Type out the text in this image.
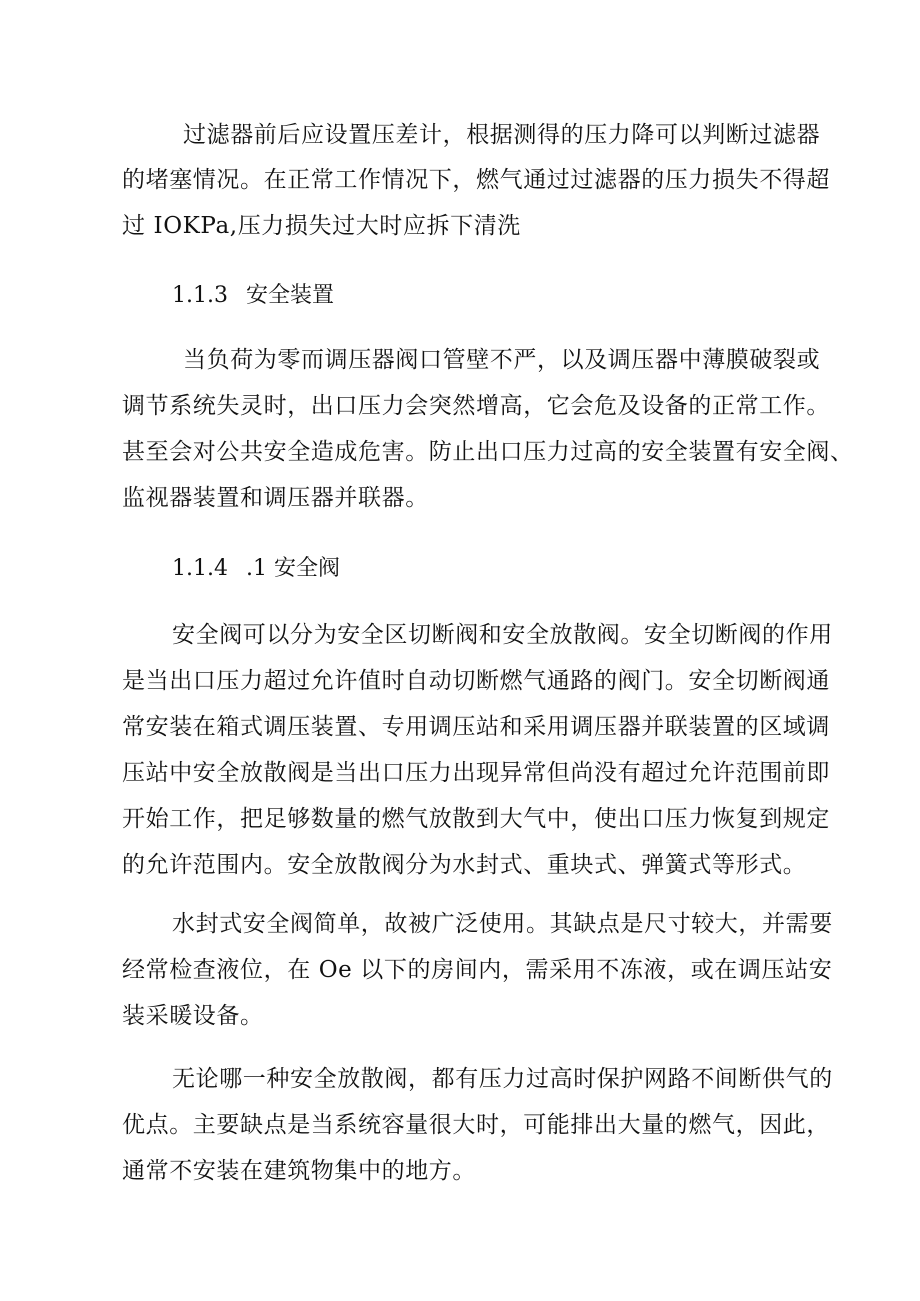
过滤器前后应设置压差计，根据测得的压力降可以判断过滤器
的堵塞情况。在正常工作情况下，燃气通过过滤器的压力损失不得超
过 IOKPa,压力损失过大时应拆下清洗
1.1.3 安全装置
当负荷为零而调压器阀口管壁不严，以及调压器中薄膜破裂或
调节系统失灵时，出口压力会突然增高，它会危及设备的正常工作。
甚至会对公共安全造成危害。防止出口压力过高的安全装置有安全阀、
监视器装置和调压器并联器。
1.1.4 .1 安全阀
安全阀可以分为安全区切断阀和安全放散阀。安全切断阀的作用
是当出口压力超过允许值时自动切断燃气通路的阀门。安全切断阀通
常安装在箱式调压装置、专用调压站和采用调压器并联装置的区域调
压站中安全放散阀是当出口压力出现异常但尚没有超过允许范围前即
开始工作，把足够数量的燃气放散到大气中，使出口压力恢复到规定
的允许范围内。安全放散阀分为水封式、重块式、弹簧式等形式。
水封式安全阀简单，故被广泛使用。其缺点是尺寸较大，并需要
经常检查液位，在 Oe 以下的房间内，需采用不冻液，或在调压站安
装采暖设备。
无论哪一种安全放散阀，都有压力过高时保护网路不间断供气的
优点。主要缺点是当系统容量很大时，可能排出大量的燃气，因此，
通常不安装在建筑物集中的地方。
